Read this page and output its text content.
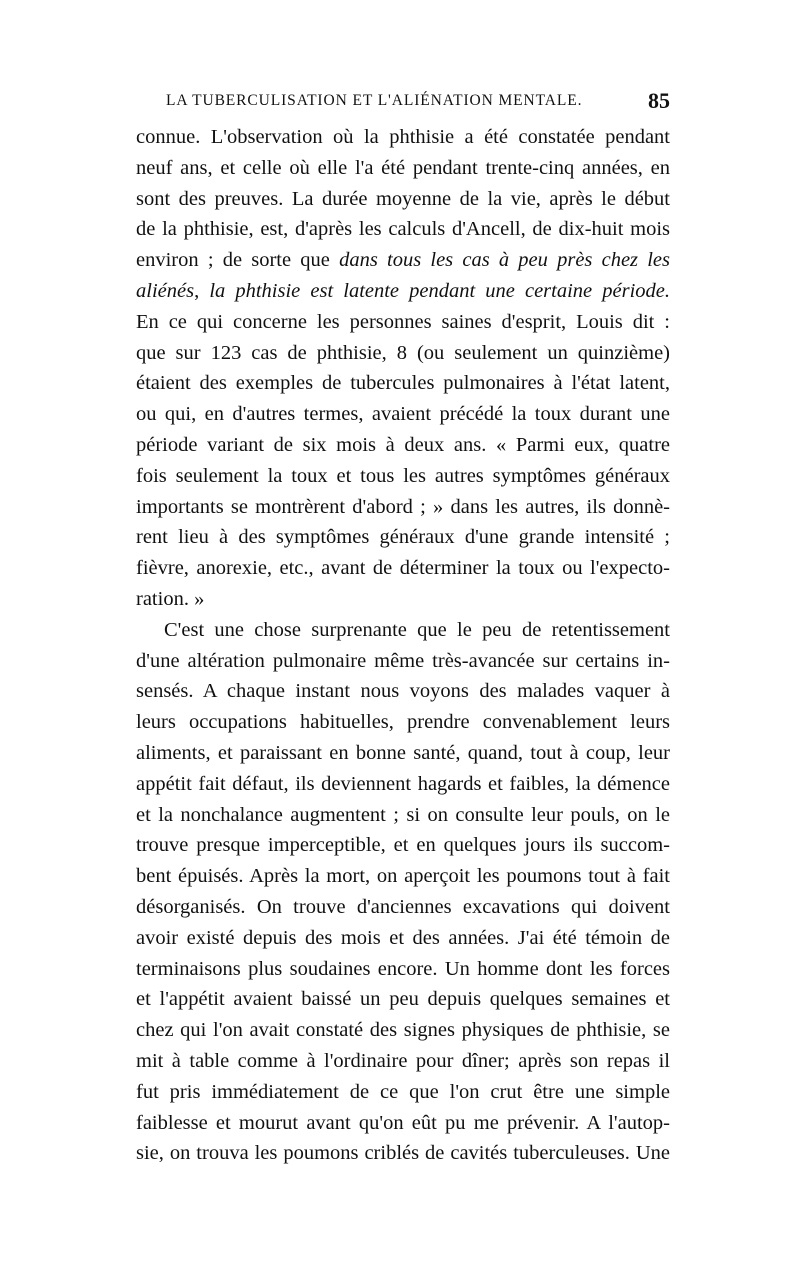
LA TUBERCULISATION ET L'ALIÉNATION MENTALE.	85
connue. L'observation où la phthisie a été constatée pendant
neuf ans, et celle où elle l'a été pendant trente-cinq années, en
sont des preuves. La durée moyenne de la vie, après le début
de la phthisie, est, d'après les calculs d'Ancell, de dix-huit mois
environ ; de sorte que dans tous les cas à peu près chez les
aliénés, la phthisie est latente pendant une certaine période.
En ce qui concerne les personnes saines d'esprit, Louis dit :
que sur 123 cas de phthisie, 8 (ou seulement un quinzième)
étaient des exemples de tubercules pulmonaires à l'état latent,
ou qui, en d'autres termes, avaient précédé la toux durant une
période variant de six mois à deux ans. « Parmi eux, quatre
fois seulement la toux et tous les autres symptômes généraux
importants se montrèrent d'abord ; » dans les autres, ils donnè-
rent lieu à des symptômes généraux d'une grande intensité ;
fièvre, anorexie, etc., avant de déterminer la toux ou l'expecto-
ration. »
C'est une chose surprenante que le peu de retentissement
d'une altération pulmonaire même très-avancée sur certains in-
sensés. A chaque instant nous voyons des malades vaquer à
leurs occupations habituelles, prendre convenablement leurs
aliments, et paraissant en bonne santé, quand, tout à coup, leur
appétit fait défaut, ils deviennent hagards et faibles, la démence
et la nonchalance augmentent ; si on consulte leur pouls, on le
trouve presque imperceptible, et en quelques jours ils succom-
bent épuisés. Après la mort, on aperçoit les poumons tout à fait
désorganisés. On trouve d'anciennes excavations qui doivent
avoir existé depuis des mois et des années. J'ai été témoin de
terminaisons plus soudaines encore. Un homme dont les forces
et l'appétit avaient baissé un peu depuis quelques semaines et
chez qui l'on avait constaté des signes physiques de phthisie, se
mit à table comme à l'ordinaire pour dîner; après son repas il
fut pris immédiatement de ce que l'on crut être une simple
faiblesse et mourut avant qu'on eût pu me prévenir. A l'autop-
sie, on trouva les poumons criblés de cavités tuberculeuses. Une
